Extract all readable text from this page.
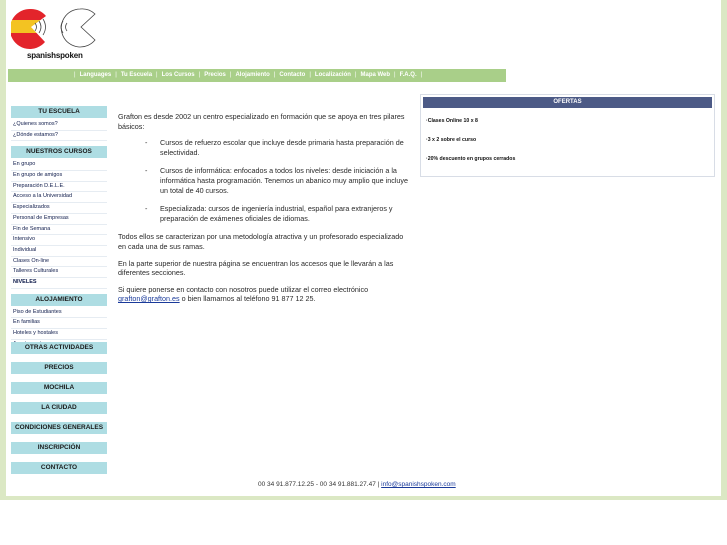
spanishspoken
| Languages | Tu Escuela | Los Cursos | Precios | Alojamiento | Contacto | Localización | Mapa Web | F.A.Q. |
TU ESCUELA
¿Quienes somos?
¿Dónde estamos?
NUESTROS CURSOS
En grupo
En grupo de amigos
Preparación D.E.L.E.
Acceso a la Universidad
Especializados
Personal de Empresas
Fin de Semana
Intensivo
Individual
Clases On-line
Talleres Culturales
NIVELES
ALOJAMIENTO
Piso de Estudiantes
En familias
Hoteles y hostales
OTRAS ACTIVIDADES
PRECIOS
MOCHILA
LA CIUDAD
CONDICIONES GENERALES
INSCRIPCIÓN
CONTACTO

Grafton es desde 2002 un centro especializado en formación que se apoya en tres pilares básicos:

- Cursos de refuerzo escolar que incluye desde primaria hasta preparación de selectividad.
- Cursos de informática: enfocados a todos los niveles: desde iniciación a la informática hasta programación. Tenemos un abanico muy amplio que incluye un total de 40 cursos.
- Especializada: cursos de ingeniería industrial, español para extranjeros y preparación de exámenes oficiales de idiomas.

Todos ellos se caracterizan por una metodología atractiva y un profesorado especializado en cada una de sus ramas.

En la parte superior de nuestra página se encuentran los accesos que le llevarán a las diferentes secciones.

Si quiere ponerse en contacto con nosotros puede utilizar el correo electrónico grafton@grafton.es o bien llamarnos al teléfono 91 877 12 25.

OFERTAS
·Clases Online 10 x 8
·3 x 2 sobre el curso
·20% descuento en grupos cerrados
00 34 91.877.12.25 - 00 34 91.881.27.47 | info@spanishspoken.com
